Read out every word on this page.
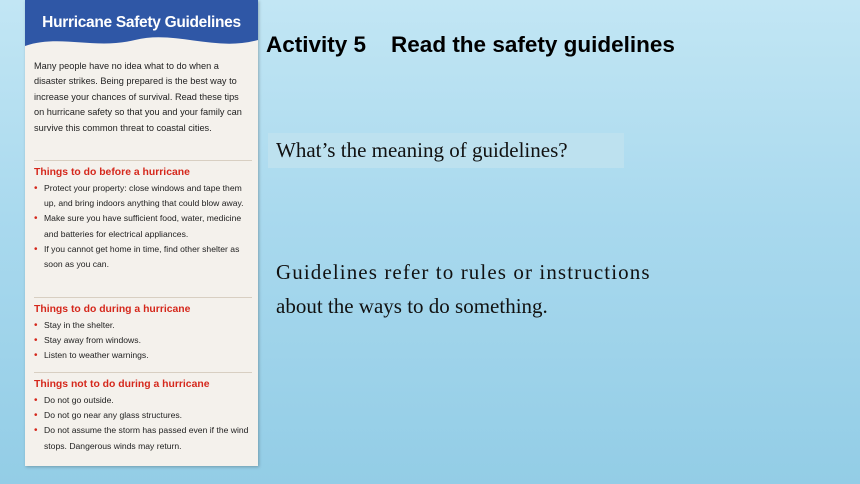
Hurricane Safety Guidelines

Many people have no idea what to do when a disaster strikes. Being prepared is the best way to increase your chances of survival. Read these tips on hurricane safety so that you and your family can survive this common threat to coastal cities.

Things to do before a hurricane

• Protect your property: close windows and tape them up, and bring indoors anything that could blow away.
• Make sure you have sufficient food, water, medicine and batteries for electrical appliances.
• If you cannot get home in time, find other shelter as soon as you can.

Things to do during a hurricane

• Stay in the shelter.
• Stay away from windows.
• Listen to weather warnings.

Things not to do during a hurricane

• Do not go outside.
• Do not go near any glass structures.
• Do not assume the storm has passed even if the wind stops. Dangerous winds may return.
Activity 5    Read the safety guidelines

What’s the meaning of guidelines?

Guidelines refer to rules or instructions
about the ways to do something.
